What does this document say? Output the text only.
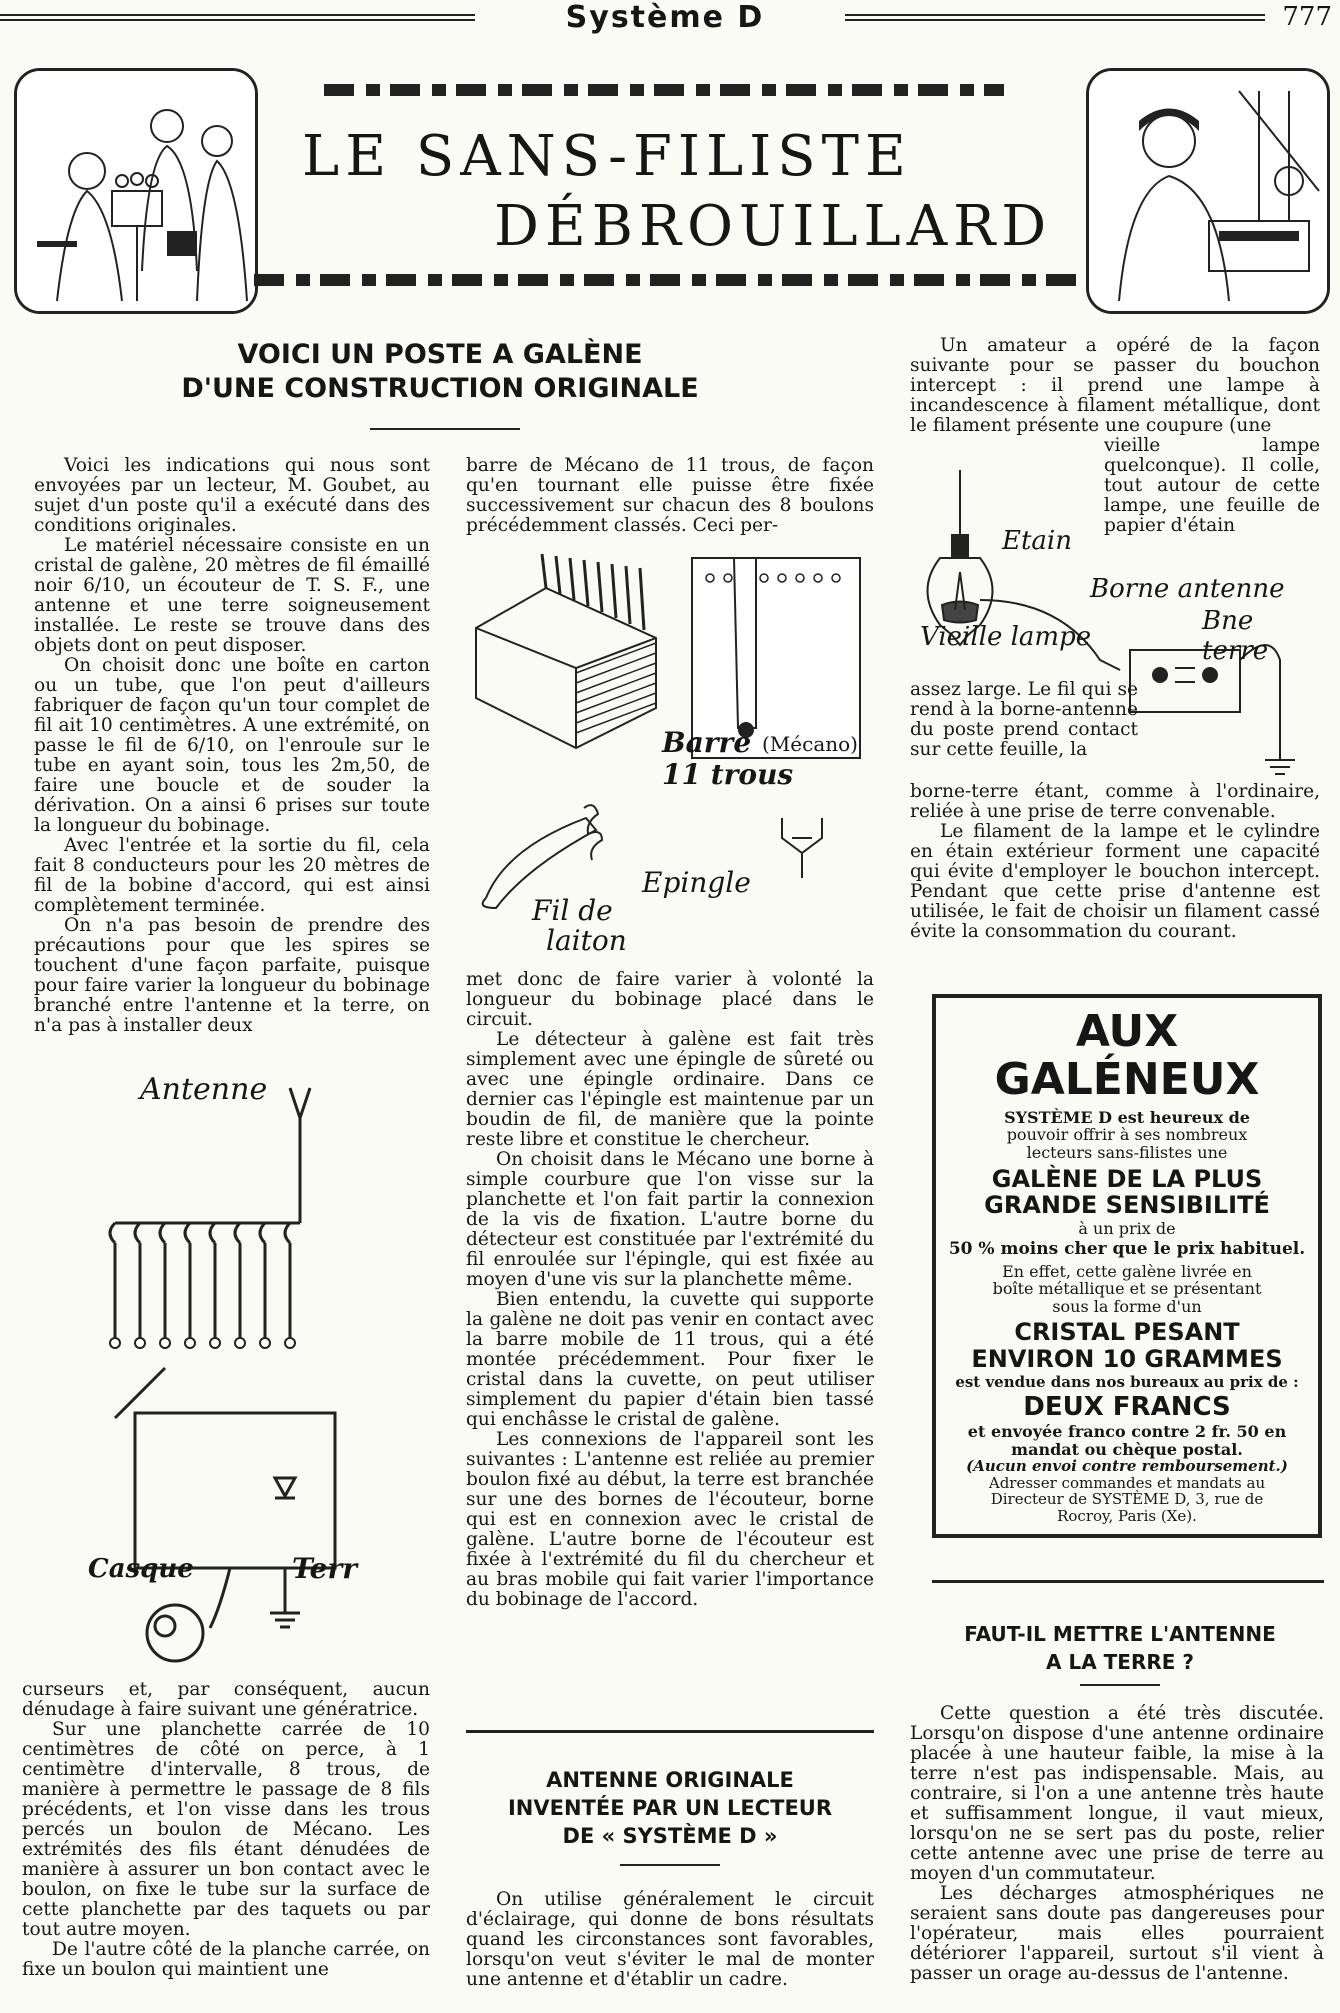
Système D	777
LE SANS-FILISTE
DÉBROUILLARD
VOICI UN POSTE A GALÈNE
D'UNE CONSTRUCTION ORIGINALE

Voici les indications qui nous sont envoyées par un lecteur, M. Goubet, au sujet d'un poste qu'il a exécuté dans des conditions originales.

Le matériel nécessaire consiste en un cristal de galène, 20 mètres de fil émaillé noir 6/10, un écouteur de T. S. F., une antenne et une terre soigneusement installée. Le reste se trouve dans des objets dont on peut disposer.

On choisit donc une boîte en carton ou un tube, que l'on peut d'ailleurs fabriquer de façon qu'un tour complet de fil ait 10 centimètres. A une extrémité, on passe le fil de 6/10, on l'enroule sur le tube en ayant soin, tous les 2m,50, de faire une boucle et de souder la dérivation. On a ainsi 6 prises sur toute la longueur du bobinage.

Avec l'entrée et la sortie du fil, cela fait 8 conducteurs pour les 20 mètres de fil de la bobine d'accord, qui est ainsi complètement terminée.

On n'a pas besoin de prendre des précautions pour que les spires se touchent d'une façon parfaite, puisque pour faire varier la longueur du bobinage branché entre l'antenne et la terre, on n'a pas à installer deux

Antenne
Casque	Terr

curseurs et, par conséquent, aucun dénudage à faire suivant une génératrice.

Sur une planchette carrée de 10 centimètres de côté on perce, à 1 centimètre d'intervalle, 8 trous, de manière à permettre le passage de 8 fils précédents, et l'on visse dans les trous percés un boulon de Mécano. Les extrémités des fils étant dénudées de manière à assurer un bon contact avec le boulon, on fixe le tube sur la surface de cette planchette par des taquets ou par tout autre moyen.

De l'autre côté de la planche carrée, on fixe un boulon qui maintient une

barre de Mécano de 11 trous, de façon qu'en tournant elle puisse être fixée successivement sur chacun des 8 boulons précédemment classés. Ceci per-

Barre (Mécano)
11 trous
Epingle
Fil de
laiton

met donc de faire varier à volonté la longueur du bobinage placé dans le circuit.

Le détecteur à galène est fait très simplement avec une épingle de sûreté ou avec une épingle ordinaire. Dans ce dernier cas l'épingle est maintenue par un boudin de fil, de manière que la pointe reste libre et constitue le chercheur.

On choisit dans le Mécano une borne à simple courbure que l'on visse sur la planchette et l'on fait partir la connexion de la vis de fixation. L'autre borne du détecteur est constituée par l'extrémité du fil enroulée sur l'épingle, qui est fixée au moyen d'une vis sur la planchette même.

Bien entendu, la cuvette qui supporte la galène ne doit pas venir en contact avec la barre mobile de 11 trous, qui a été montée précédemment. Pour fixer le cristal dans la cuvette, on peut utiliser simplement du papier d'étain bien tassé qui enchâsse le cristal de galène.

Les connexions de l'appareil sont les suivantes : L'antenne est reliée au premier boulon fixé au début, la terre est branchée sur une des bornes de l'écouteur, borne qui est en connexion avec le cristal de galène. L'autre borne de l'écouteur est fixée à l'extrémité du fil du chercheur et au bras mobile qui fait varier l'importance du bobinage de l'accord.

ANTENNE ORIGINALE
INVENTÉE PAR UN LECTEUR
DE « SYSTÈME D »

On utilise généralement le circuit d'éclairage, qui donne de bons résultats quand les circonstances sont favorables, lorsqu'on veut s'éviter le mal de monter une antenne et d'établir un cadre.

Un amateur a opéré de la façon suivante pour se passer du bouchon intercept : il prend une lampe à incandescence à filament métallique, dont le filament présente une coupure (une

vieille lampe quelconque). Il colle, tout autour de cette lampe, une feuille de papier d'étain

Etain
Borne antenne
Bne terre
Vieille lampe

assez large. Le fil qui se rend à la borne-antenne du poste prend contact sur cette feuille, la

borne-terre étant, comme à l'ordinaire, reliée à une prise de terre convenable.

Le filament de la lampe et le cylindre en étain extérieur forment une capacité qui évite d'employer le bouchon intercept. Pendant que cette prise d'antenne est utilisée, le fait de choisir un filament cassé évite la consommation du courant.

AUX GALÉNEUX
SYSTÈME D est heureux de
pouvoir offrir à ses nombreux
lecteurs sans-filistes une
GALÈNE DE LA PLUS
GRANDE SENSIBILITÉ
à un prix de
50 % moins cher que le prix habituel.
En effet, cette galène livrée en
boîte métallique et se présentant
sous la forme d'un
CRISTAL PESANT
ENVIRON 10 GRAMMES
est vendue dans nos bureaux au prix de :
DEUX FRANCS
et envoyée franco contre 2 fr. 50 en
mandat ou chèque postal.
(Aucun envoi contre remboursement.)
Adresser commandes et mandats au
Directeur de SYSTÈME D, 3, rue de
Rocroy, Paris (Xe).
FAUT-IL METTRE L'ANTENNE
A LA TERRE ?

Cette question a été très discutée. Lorsqu'on dispose d'une antenne ordinaire placée à une hauteur faible, la mise à la terre n'est pas indispensable. Mais, au contraire, si l'on a une antenne très haute et suffisamment longue, il vaut mieux, lorsqu'on ne se sert pas du poste, relier cette antenne avec une prise de terre au moyen d'un commutateur.

Les décharges atmosphériques ne seraient sans doute pas dangereuses pour l'opérateur, mais elles pourraient détériorer l'appareil, surtout s'il vient à passer un orage au-dessus de l'antenne.
